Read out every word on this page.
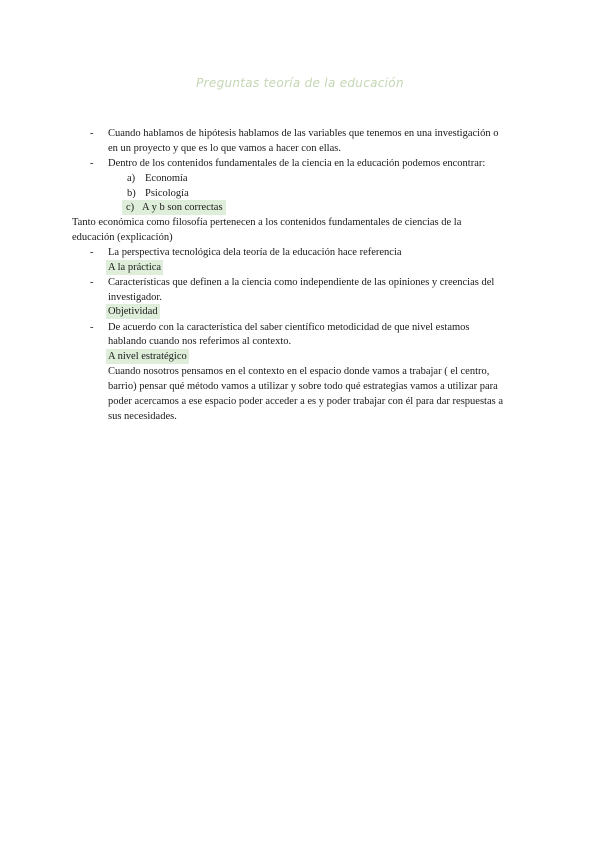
Preguntas teoría de la educación
- Cuando hablamos de hipótesis hablamos de las variables que tenemos en una investigación o
en un proyecto y que es lo que vamos a hacer con ellas.
- Dentro de los contenidos fundamentales de la ciencia en la educación podemos encontrar:
a) Economía
b) Psicología
c) A y b son correctas
Tanto económica como filosofía pertenecen a los contenidos fundamentales de ciencias de la
educación (explicación)
- La perspectiva tecnológica dela teoría de la educación hace referencia
A la práctica
- Características que definen a la ciencia como independiente de las opiniones y creencias del
investigador.
Objetividad
- De acuerdo con la característica del saber científico metodicidad de que nivel estamos
hablando cuando nos referimos al contexto.
A nivel estratégico
Cuando nosotros pensamos en el contexto en el espacio donde vamos a trabajar ( el centro,
barrio) pensar qué método vamos a utilizar y sobre todo qué estrategias vamos a utilizar para
poder acercamos a ese espacio poder acceder a es y poder trabajar con él para dar respuestas a
sus necesidades.
